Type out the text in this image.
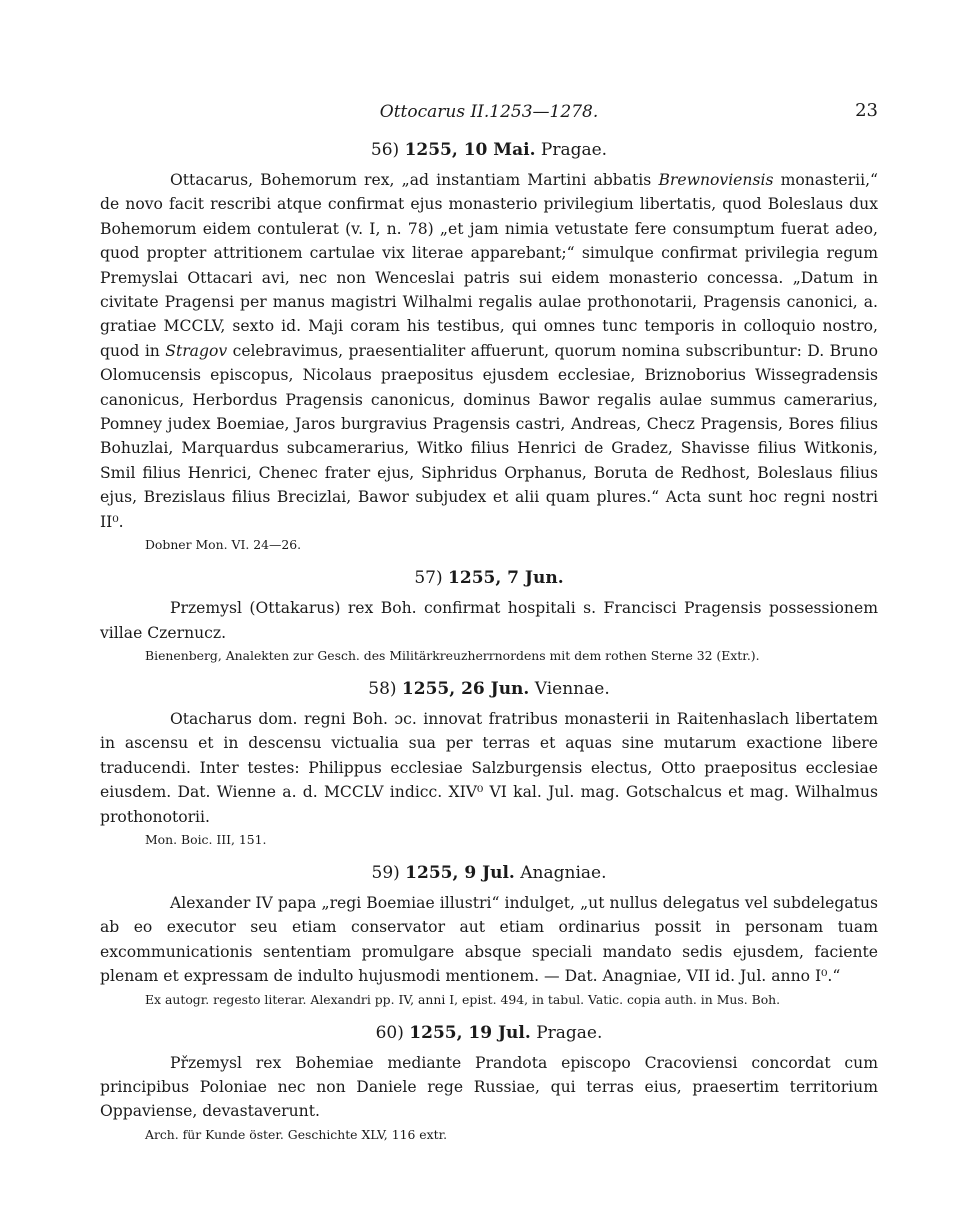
Ottocarus II.1253—1278.	23
56) 1255, 10 Mai. Pragae.

Ottacarus, Bohemorum rex, „ad instantiam Martini abbatis Brewnoviensis monasterii,“ de novo facit rescribi atque confirmat ejus monasterio privilegium libertatis, quod Boleslaus dux Bohemorum eidem contulerat (v. I, n. 78) „et jam nimia vetustate fere consumptum fuerat adeo, quod propter attritionem cartulae vix literae apparebant;“ simulque confirmat privilegia regum Premyslai Ottacari avi, nec non Wenceslai patris sui eidem monasterio concessa. „Datum in civitate Pragensi per manus magistri Wilhalmi regalis aulae prothonotarii, Pragensis canonici, a. gratiae MCCLV, sexto id. Maji coram his testibus, qui omnes tunc temporis in colloquio nostro, quod in Stragov celebravimus, praesentialiter affuerunt, quorum nomina subscribuntur: D. Bruno Olomucensis episcopus, Nicolaus praepositus ejusdem ecclesiae, Briznoborius Wissegradensis canonicus, Herbordus Pragensis canonicus, dominus Bawor regalis aulae summus camerarius, Pomney judex Boemiae, Jaros burgravius Pragensis castri, Andreas, Checz Pragensis, Bores filius Bohuzlai, Marquardus subcamerarius, Witko filius Henrici de Gradez, Shavisse filius Witkonis, Smil filius Henrici, Chenec frater ejus, Siphridus Orphanus, Boruta de Redhost, Boleslaus filius ejus, Brezislaus filius Brecizlai, Bawor subjudex et alii quam plures.“ Acta sunt hoc regni nostri II⁰.

Dobner Mon. VI. 24—26.
57) 1255, 7 Jun.

Przemysl (Ottakarus) rex Boh. confirmat hospitali s. Francisci Pragensis possessionem villae Czernucz.

Bienenberg, Analekten zur Gesch. des Militärkreuzherrnordens mit dem rothen Sterne 32 (Extr.).
58) 1255, 26 Jun. Viennae.

Otacharus dom. regni Boh. ɔc. innovat fratribus monasterii in Raitenhaslach libertatem in ascensu et in descensu victualia sua per terras et aquas sine mutarum exactione libere traducendi. Inter testes: Philippus ecclesiae Salzburgensis electus, Otto praepositus ecclesiae eiusdem. Dat. Wienne a. d. MCCLV indicc. XIV⁰ VI kal. Jul. mag. Gotschalcus et mag. Wilhalmus prothonotorii.

Mon. Boic. III, 151.
59) 1255, 9 Jul. Anagniae.

Alexander IV papa „regi Boemiae illustri“ indulget, „ut nullus delegatus vel subdelegatus ab eo executor seu etiam conservator aut etiam ordinarius possit in personam tuam excommunicationis sententiam promulgare absque speciali mandato sedis ejusdem, faciente plenam et expressam de indulto hujusmodi mentionem. — Dat. Anagniae, VII id. Jul. anno I⁰.“

Ex autogr. regesto literar. Alexandri pp. IV, anni I, epist. 494, in tabul. Vatic. copia auth. in Mus. Boh.
60) 1255, 19 Jul. Pragae.

Přzemysl rex Bohemiae mediante Prandota episcopo Cracoviensi concordat cum principibus Poloniae nec non Daniele rege Russiae, qui terras eius, praesertim territorium Oppaviense, devastaverunt.

Arch. für Kunde öster. Geschichte XLV, 116 extr.
